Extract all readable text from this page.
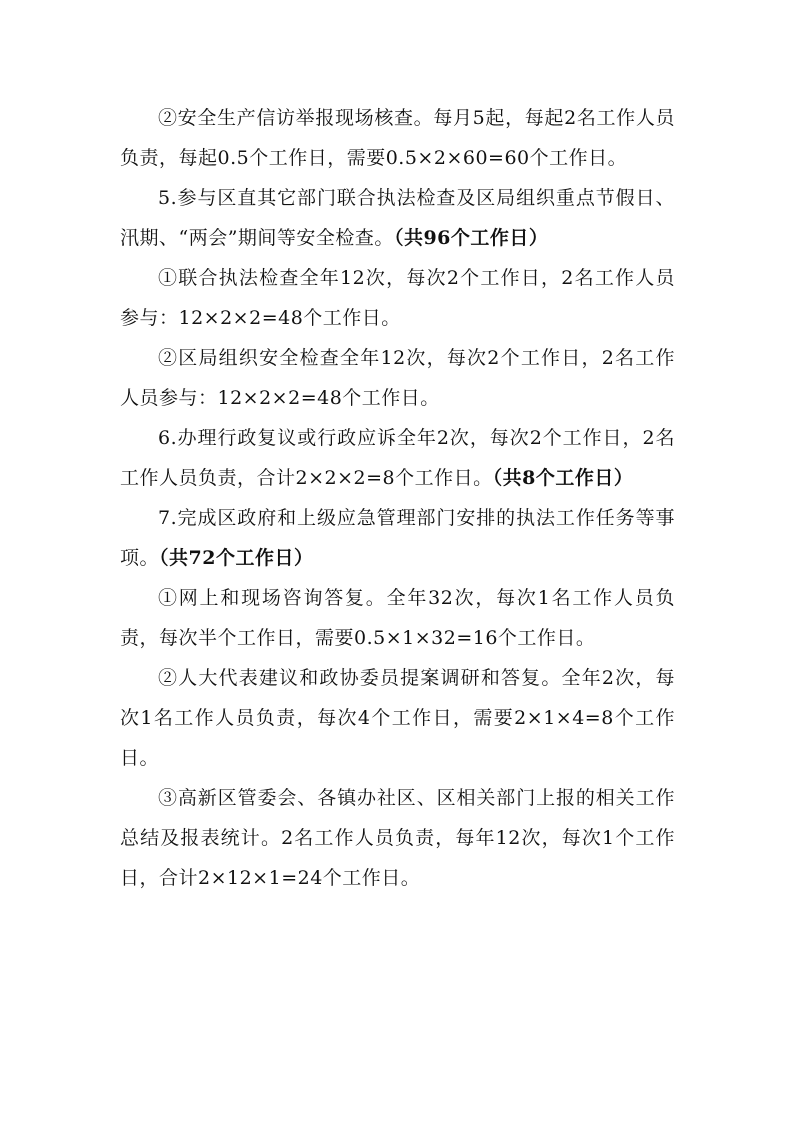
②安全生产信访举报现场核查。每月5起，每起2名工作人员负责，每起0.5个工作日，需要0.5×2×60=60个工作日。

5.参与区直其它部门联合执法检查及区局组织重点节假日、汛期、“两会”期间等安全检查。（共96个工作日）

①联合执法检查全年12次，每次2个工作日，2名工作人员参与：12×2×2=48个工作日。

②区局组织安全检查全年12次，每次2个工作日，2名工作人员参与：12×2×2=48个工作日。

6.办理行政复议或行政应诉全年2次，每次2个工作日，2名工作人员负责，合计2×2×2=8个工作日。（共8个工作日）

7.完成区政府和上级应急管理部门安排的执法工作任务等事项。（共72个工作日）

①网上和现场咨询答复。全年32次，每次1名工作人员负责，每次半个工作日，需要0.5×1×32=16个工作日。

②人大代表建议和政协委员提案调研和答复。全年2次，每次1名工作人员负责，每次4个工作日，需要2×1×4=8个工作日。

③高新区管委会、各镇办社区、区相关部门上报的相关工作总结及报表统计。2名工作人员负责，每年12次，每次1个工作日，合计2×12×1=24个工作日。
